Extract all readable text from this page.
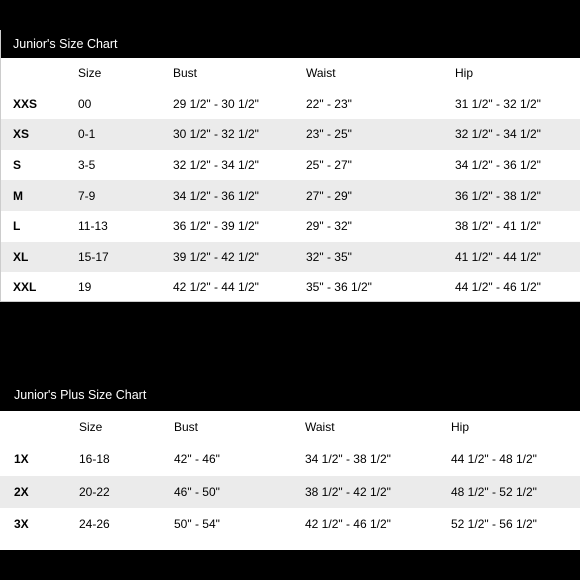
Junior's Size Chart
	Size	Bust	Waist	Hip
XXS	00	29 1/2" - 30 1/2"	22" - 23"	31 1/2" - 32 1/2"
XS	0-1	30 1/2" - 32 1/2"	23" - 25"	32 1/2" - 34 1/2"
S	3-5	32 1/2" - 34 1/2"	25" - 27"	34 1/2" - 36 1/2"
M	7-9	34 1/2" - 36 1/2"	27" - 29"	36 1/2" - 38 1/2"
L	11-13	36 1/2" - 39 1/2"	29" - 32"	38 1/2" - 41 1/2"
XL	15-17	39 1/2" - 42 1/2"	32" - 35"	41 1/2" - 44 1/2"
XXL	19	42 1/2" - 44 1/2"	35" - 36 1/2"	44 1/2" - 46 1/2"
Junior's Plus Size Chart
	Size	Bust	Waist	Hip
1X	16-18	42" - 46"	34 1/2" - 38 1/2"	44 1/2" - 48 1/2"
2X	20-22	46" - 50"	38 1/2" - 42 1/2"	48 1/2" - 52 1/2"
3X	24-26	50" - 54"	42 1/2" - 46 1/2"	52 1/2" - 56 1/2"
